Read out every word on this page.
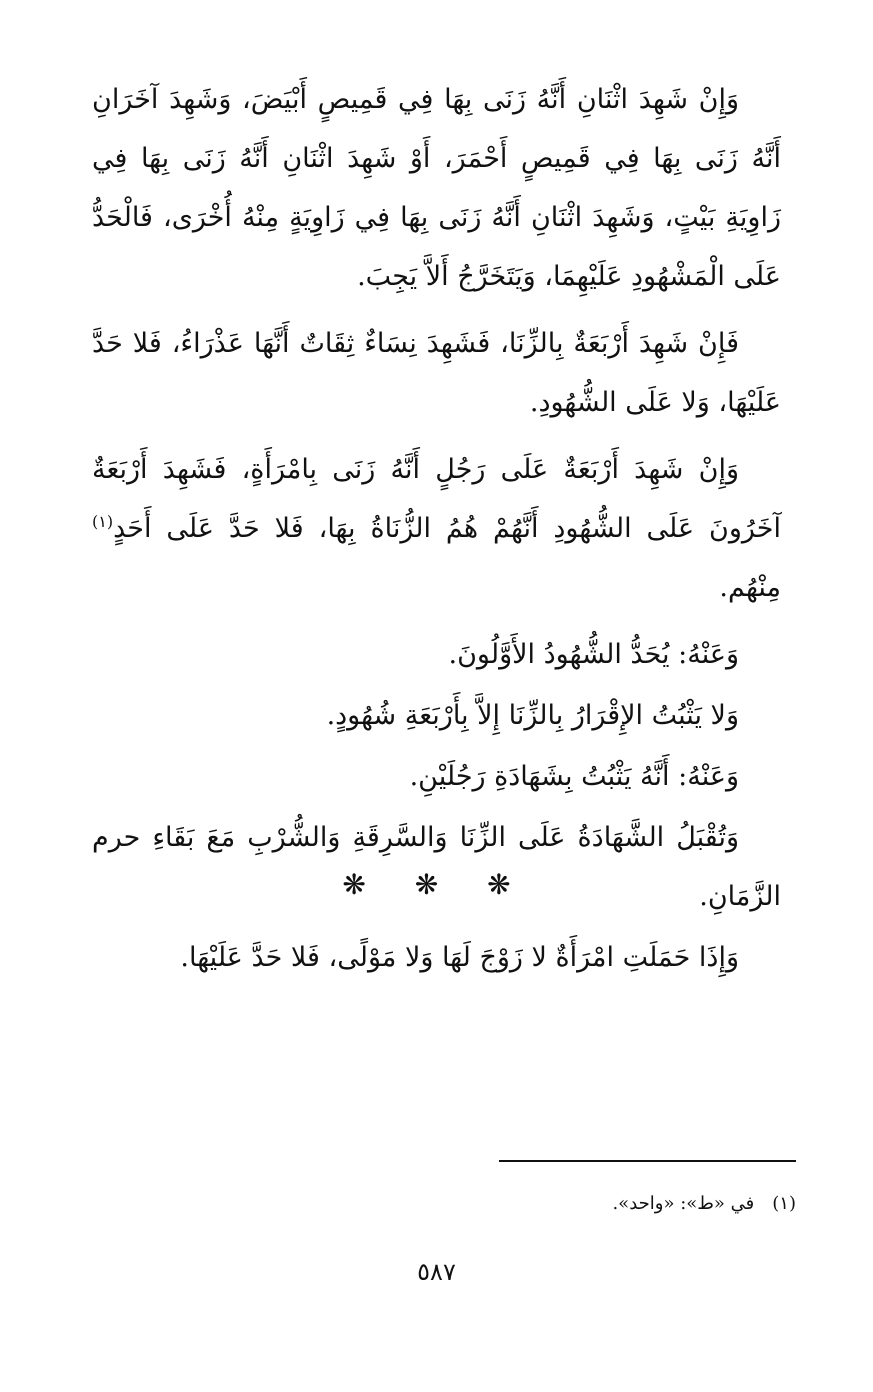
وَإِنْ شَهِدَ اثْنَانِ أَنَّهُ زَنَى بِهَا فِي قَمِيصٍ أَبْيَضَ، وَشَهِدَ آخَرَانِ أَنَّهُ زَنَى بِهَا فِي قَمِيصٍ أَحْمَرَ، أَوْ شَهِدَ اثْنَانِ أَنَّهُ زَنَى بِهَا فِي زَاوِيَةِ بَيْتٍ، وَشَهِدَ اثْنَانِ أَنَّهُ زَنَى بِهَا فِي زَاوِيَةٍ مِنْهُ أُخْرَى، فَالْحَدُّ عَلَى الْمَشْهُودِ عَلَيْهِمَا، وَيَتَخَرَّجُ أَلاَّ يَجِبَ.

فَإِنْ شَهِدَ أَرْبَعَةٌ بِالزِّنَا، فَشَهِدَ نِسَاءٌ ثِقَاتٌ أَنَّهَا عَذْرَاءُ، فَلا حَدَّ عَلَيْهَا، وَلا عَلَى الشُّهُودِ.

وَإِنْ شَهِدَ أَرْبَعَةٌ عَلَى رَجُلٍ أَنَّهُ زَنَى بِامْرَأَةٍ، فَشَهِدَ أَرْبَعَةٌ آخَرُونَ عَلَى الشُّهُودِ أَنَّهُمْ هُمُ الزُّنَاةُ بِهَا، فَلا حَدَّ عَلَى أَحَدٍ$^{(١)}$ مِنْهُم.

وَعَنْهُ: يُحَدُّ الشُّهُودُ الأَوَّلُونَ.

وَلا يَثْبُتُ الإِقْرَارُ بِالزِّنَا إِلاَّ بِأَرْبَعَةِ شُهُودٍ.

وَعَنْهُ: أَنَّهُ يَثْبُتُ بِشَهَادَةِ رَجُلَيْنِ.

وَتُقْبَلُ الشَّهَادَةُ عَلَى الزِّنَا وَالسَّرِقَةِ وَالشُّرْبِ مَعَ بَقَاءِ حرم الزَّمَانِ.

وَإِذَا حَمَلَتِ امْرَأَةٌ لا زَوْجَ لَهَا وَلا مَوْلًى، فَلا حَدَّ عَلَيْهَا.

❋ ❋ ❋
(١)في «ط»: «واحد».
٥٨٧
